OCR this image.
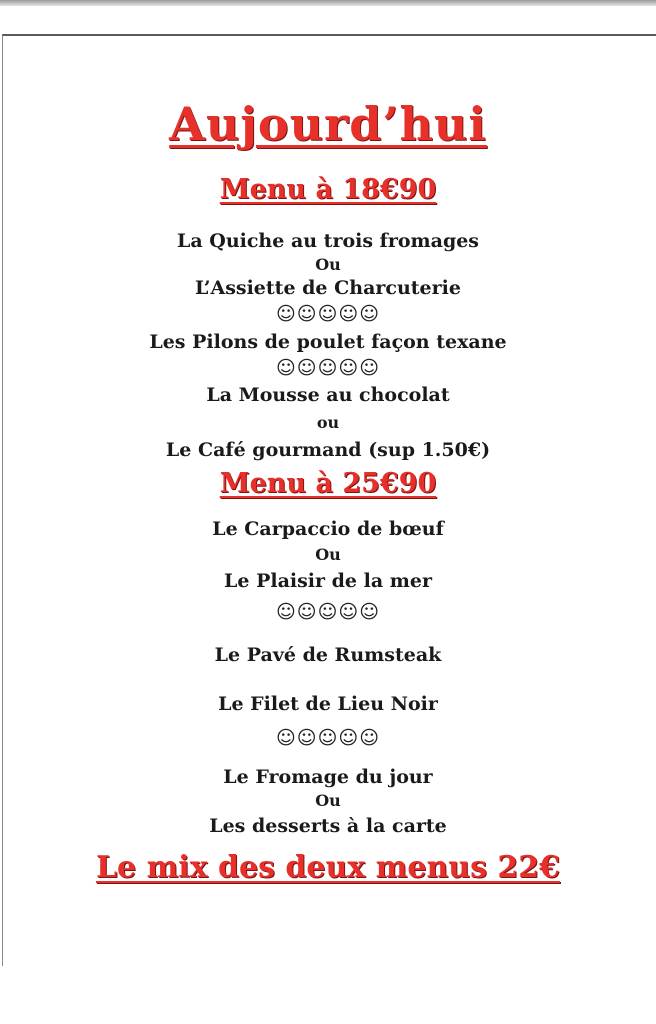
Aujourd’hui
Menu à 18€90
La Quiche au trois fromages
Ou
L’Assiette de Charcuterie
☺☺☺☺☺
Les Pilons de poulet façon texane
☺☺☺☺☺
La Mousse au chocolat
ou
Le Café gourmand (sup 1.50€)
Menu à 25€90
Le Carpaccio de bœuf
Ou
Le Plaisir de la mer
☺☺☺☺☺
Le Pavé de Rumsteak
Le Filet de Lieu Noir
☺☺☺☺☺
Le Fromage du jour
Ou
Les desserts à la carte
Le mix des deux menus 22€
